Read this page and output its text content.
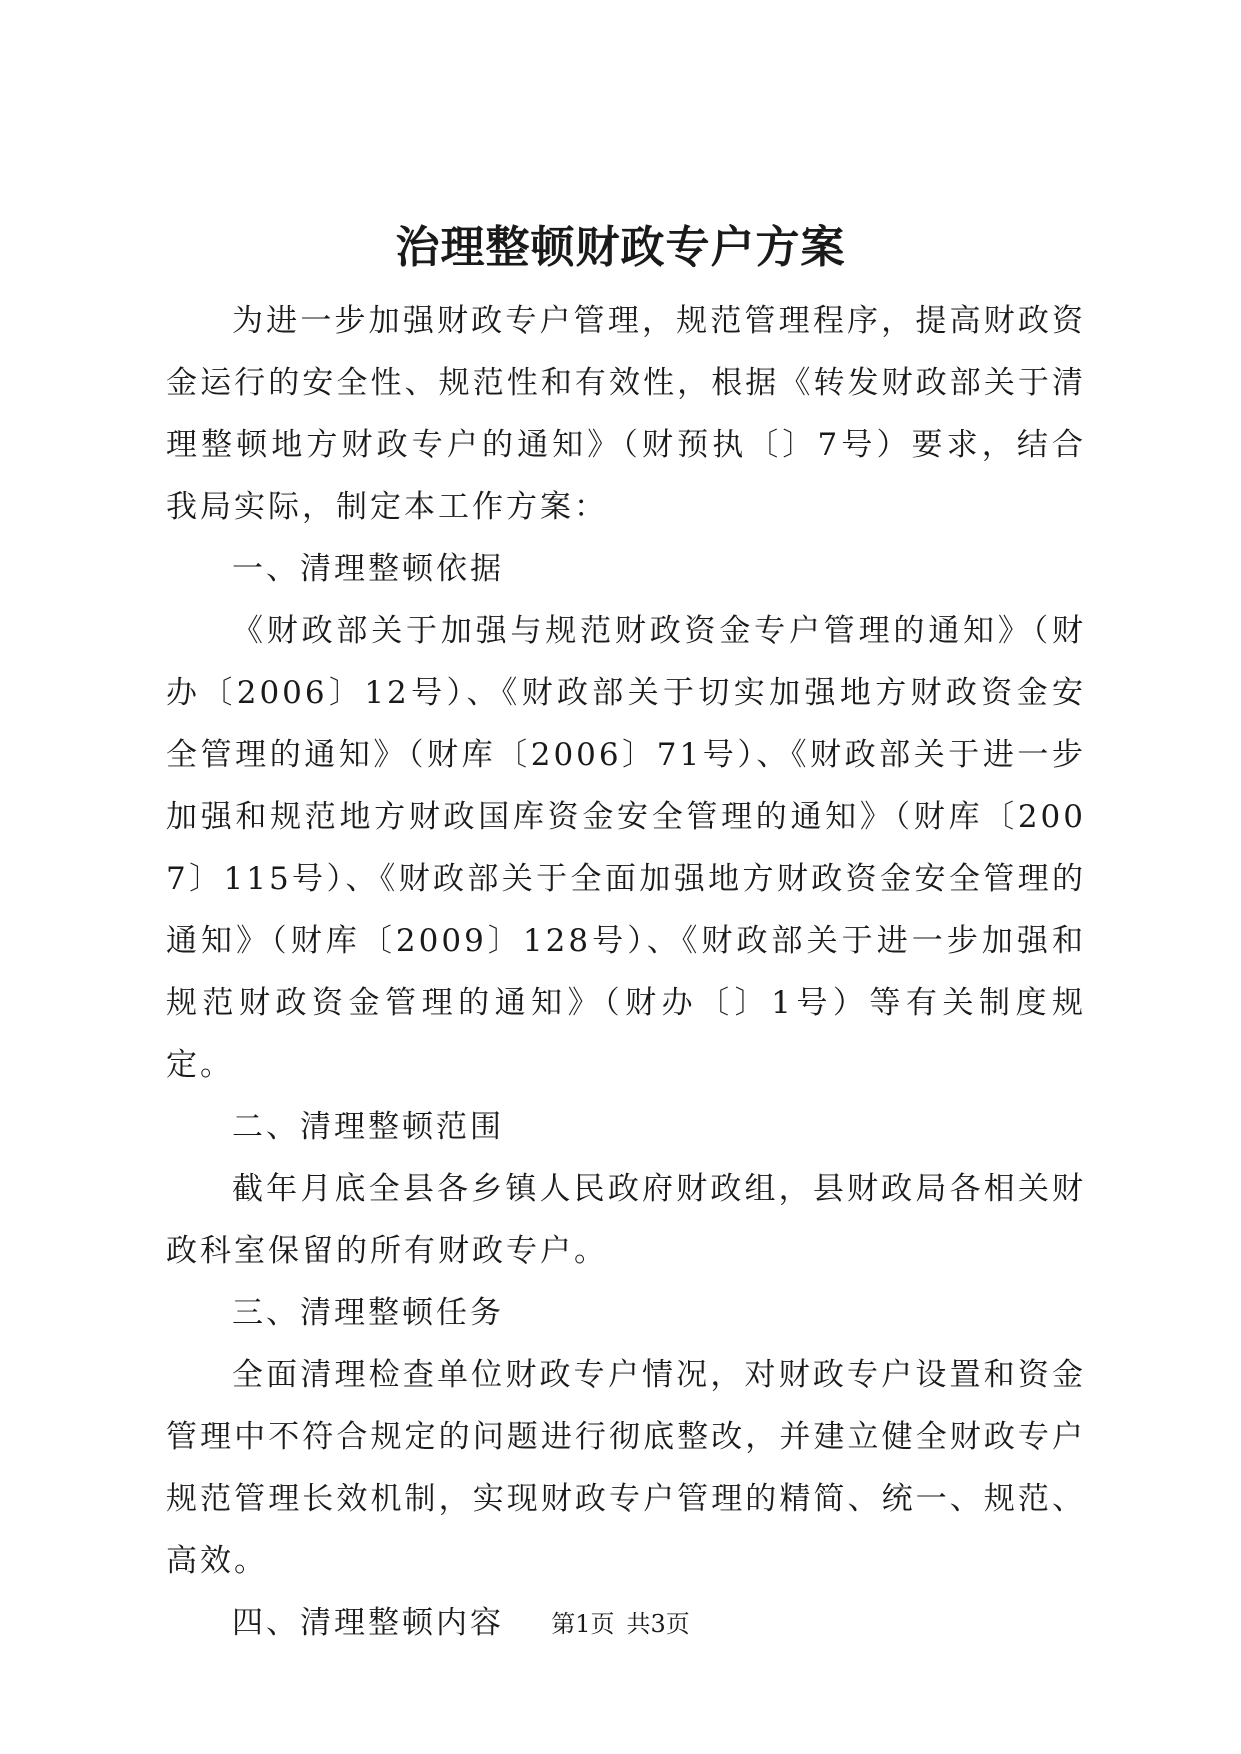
治理整顿财政专户方案

为进一步加强财政专户管理，规范管理程序，提高财政资金运行的安全性、规范性和有效性，根据《转发财政部关于清理整顿地方财政专户的通知》（财预执〔〕7号）要求，结合我局实际，制定本工作方案：

一、清理整顿依据

《财政部关于加强与规范财政资金专户管理的通知》（财办〔2006〕12号）、《财政部关于切实加强地方财政资金安全管理的通知》（财库〔2006〕71号）、《财政部关于进一步加强和规范地方财政国库资金安全管理的通知》（财库〔2007〕115号）、《财政部关于全面加强地方财政资金安全管理的通知》（财库〔2009〕128号）、《财政部关于进一步加强和规范财政资金管理的通知》（财办〔〕1号）等有关制度规定。

二、清理整顿范围

截年月底全县各乡镇人民政府财政组，县财政局各相关财政科室保留的所有财政专户。

三、清理整顿任务

全面清理检查单位财政专户情况，对财政专户设置和资金管理中不符合规定的问题进行彻底整改，并建立健全财政专户规范管理长效机制，实现财政专户管理的精简、统一、规范、高效。

四、清理整顿内容	第1页 共3页
